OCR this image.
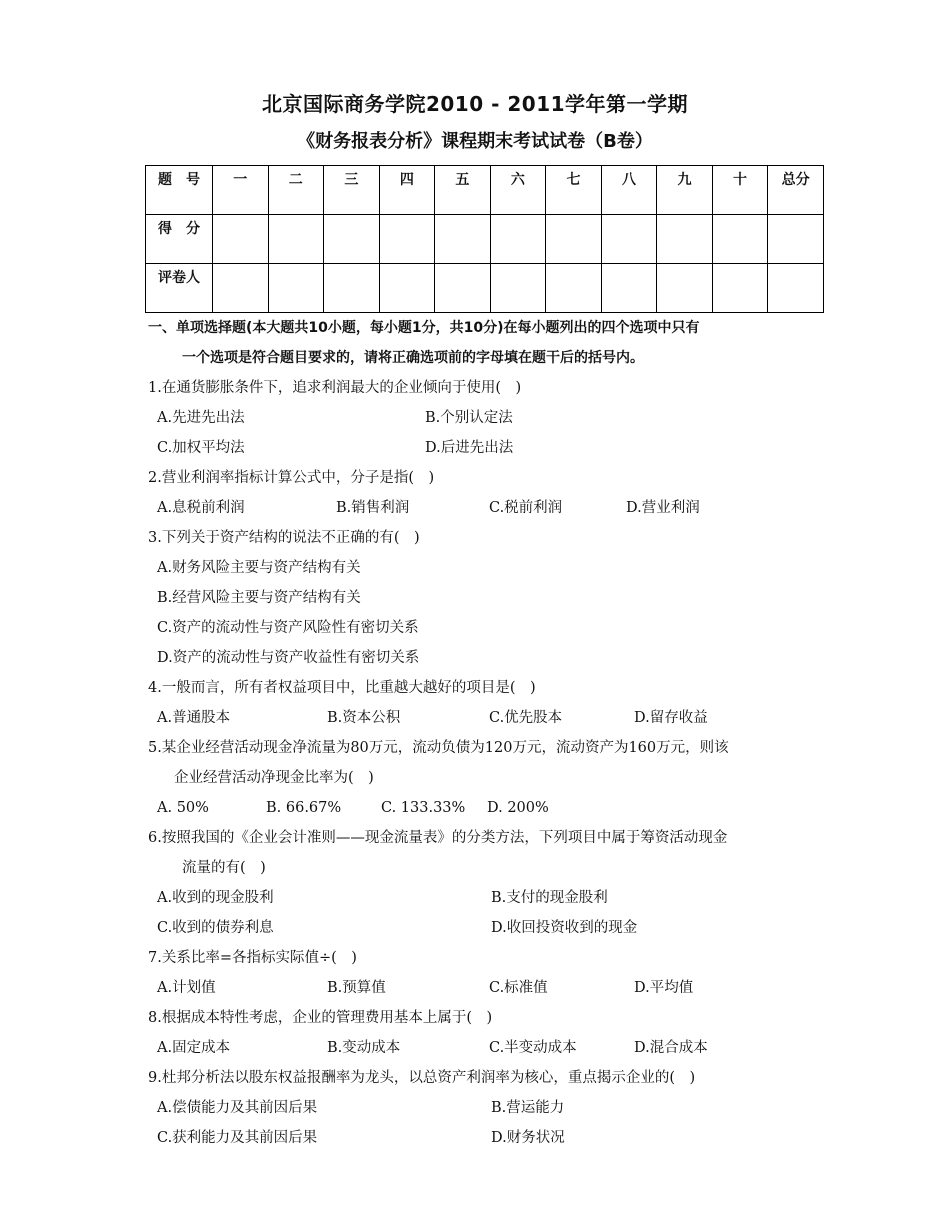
北京国际商务学院2010 - 2011学年第一学期
《财务报表分析》课程期末考试试卷（B卷）
题　号	一	二	三	四	五	六	七	八	九	十	总分
得　分											
评卷人											
一、单项选择题(本大题共10小题，每小题1分，共10分)在每小题列出的四个选项中只有
一个选项是符合题目要求的，请将正确选项前的字母填在题干后的括号内。
1.在通货膨胀条件下，追求利润最大的企业倾向于使用(　)
A.先进先出法	B.个别认定法
C.加权平均法	D.后进先出法
2.营业利润率指标计算公式中，分子是指(　)
A.息税前利润	B.销售利润	C.税前利润	D.营业利润
3.下列关于资产结构的说法不正确的有(　)
A.财务风险主要与资产结构有关
B.经营风险主要与资产结构有关
C.资产的流动性与资产风险性有密切关系
D.资产的流动性与资产收益性有密切关系
4.一般而言，所有者权益项目中，比重越大越好的项目是(　)
A.普通股本	B.资本公积	C.优先股本	D.留存收益
5.某企业经营活动现金净流量为80万元，流动负债为120万元，流动资产为160万元，则该
企业经营活动净现金比率为(　)
A. 50%	B. 66.67%	C. 133.33% D. 200%
6.按照我国的《企业会计准则——现金流量表》的分类方法，下列项目中属于筹资活动现金
流量的有(　)
A.收到的现金股利	B.支付的现金股利
C.收到的债券利息	D.收回投资收到的现金
7.关系比率=各指标实际值÷(　)
A.计划值	B.预算值	C.标准值	D.平均值
8.根据成本特性考虑，企业的管理费用基本上属于(　)
A.固定成本	B.变动成本	C.半变动成本	D.混合成本
9.杜邦分析法以股东权益报酬率为龙头，以总资产利润率为核心，重点揭示企业的(　)
A.偿债能力及其前因后果	B.营运能力
C.获利能力及其前因后果	D.财务状况
